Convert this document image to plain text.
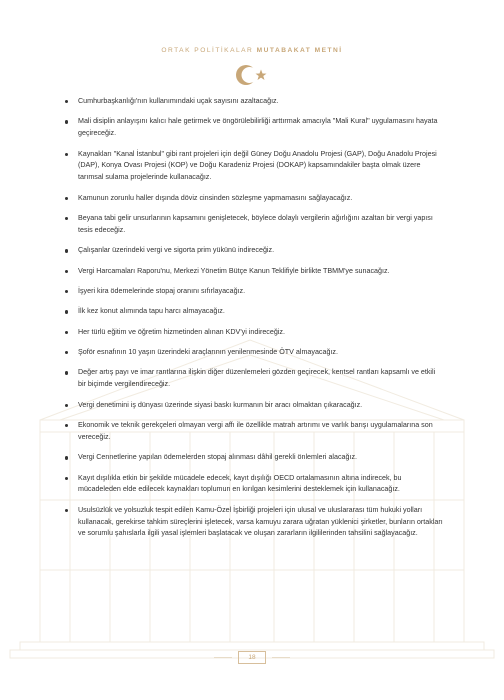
ORTAK POLİTİKALAR MUTABAKAT METNİ
Cumhurbaşkanlığı'nın kullanımındaki uçak sayısını azaltacağız.
Mali disiplin anlayışını kalıcı hale getirmek ve öngörülebilirliği arttırmak amacıyla "Mali Kural" uygulamasını hayata geçireceğiz.
Kaynakları "Kanal İstanbul" gibi rant projeleri için değil Güney Doğu Anadolu Projesi (GAP), Doğu Anadolu Projesi (DAP), Konya Ovası Projesi (KOP) ve Doğu Karadeniz Projesi (DOKAP) kapsamındakiler başta olmak üzere tarımsal sulama projelerinde kullanacağız.
Kamunun zorunlu haller dışında döviz cinsinden sözleşme yapmamasını sağlayacağız.
Beyana tabi gelir unsurlarının kapsamını genişletecek, böylece dolaylı vergilerin ağırlığını azaltan bir vergi yapısı tesis edeceğiz.
Çalışanlar üzerindeki vergi ve sigorta prim yükünü indireceğiz.
Vergi Harcamaları Raporu'nu, Merkezi Yönetim Bütçe Kanun Teklifiyle birlikte TBMM'ye sunacağız.
İşyeri kira ödemelerinde stopaj oranını sıfırlayacağız.
İlk kez konut alımında tapu harcı almayacağız.
Her türlü eğitim ve öğretim hizmetinden alınan KDV'yi indireceğiz.
Şoför esnafının 10 yaşın üzerindeki araçlarının yenilenmesinde ÖTV almayacağız.
Değer artış payı ve imar rantlarına ilişkin diğer düzenlemeleri gözden geçirecek, kentsel rantları kapsamlı ve etkili bir biçimde vergilendireceğiz.
Vergi denetimini iş dünyası üzerinde siyasi baskı kurmanın bir aracı olmaktan çıkaracağız.
Ekonomik ve teknik gerekçeleri olmayan vergi affı ile özellikle matrah artırımı ve varlık barışı uygulamalarına son vereceğiz.
Vergi Cennetlerine yapılan ödemelerden stopaj alınması dâhil gerekli önlemleri alacağız.
Kayıt dışılıkla etkin bir şekilde mücadele edecek, kayıt dışılığı OECD ortalamasının altına indirecek, bu mücadeleden elde edilecek kaynakları toplumun en kırılgan kesimlerini desteklemek için kullanacağız.
Usulsüzlük ve yolsuzluk tespit edilen Kamu-Özel İşbirliği projeleri için ulusal ve uluslararası tüm hukuki yolları kullanacak, gerekirse tahkim süreçlerini işletecek, varsa kamuyu zarara uğratan yüklenici şirketler, bunların ortakları ve sorumlu şahıslarla ilgili yasal işlemleri başlatacak ve oluşan zararların ilgililerinden tahsilini sağlayacağız.
18
